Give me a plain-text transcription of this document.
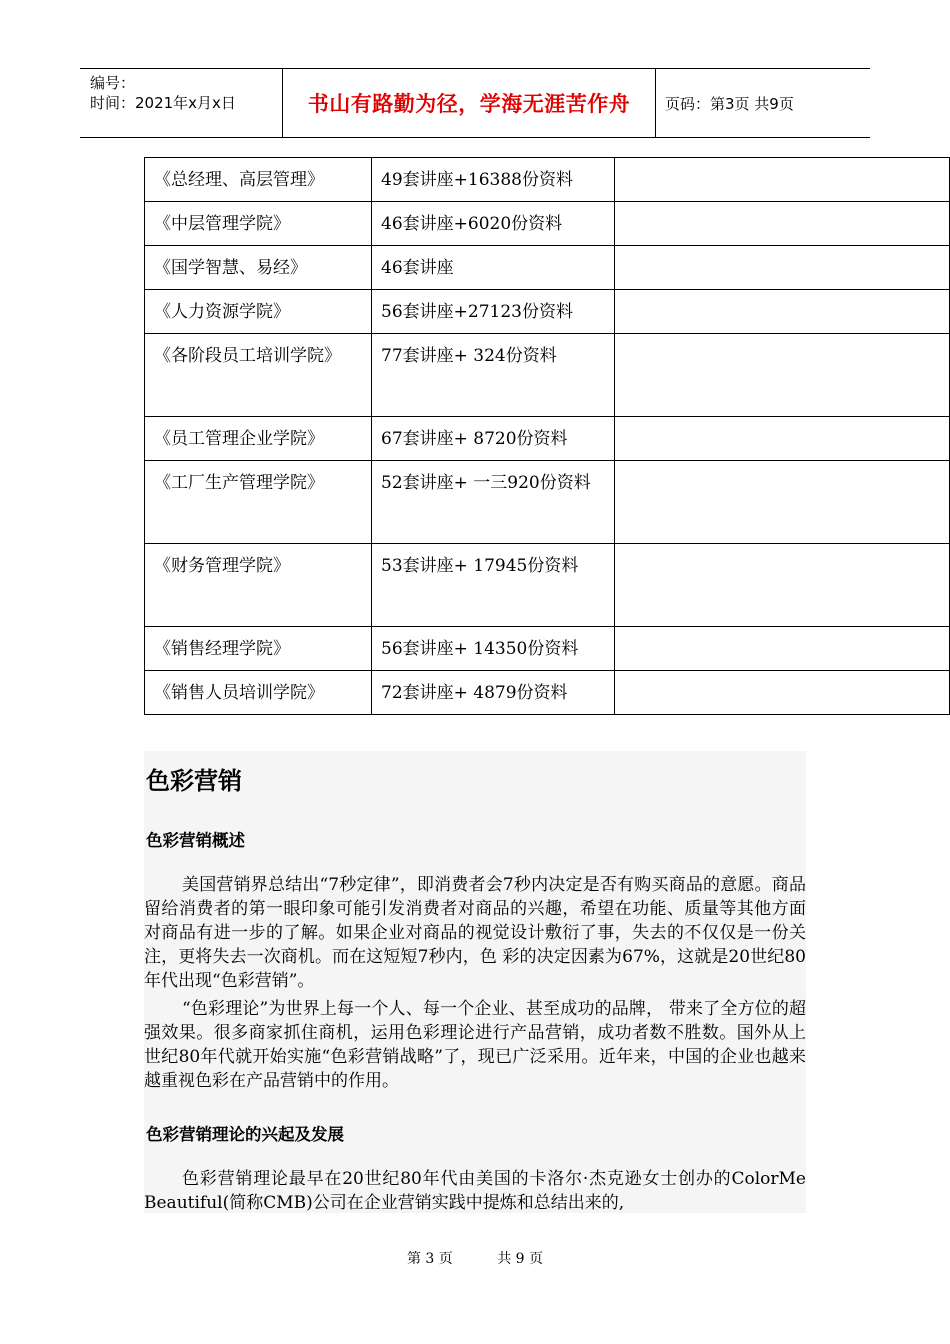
编号：
时间：2021年x月x日	书山有路勤为径，学海无涯苦作舟 页码：第3页 共9页
《总经理、高层管理》	49套讲座+16388份资料	
《中层管理学院》	46套讲座+6020份资料	
《国学智慧、易经》	46套讲座	
《人力资源学院》	56套讲座+27123份资料	
《各阶段员工培训学院》	77套讲座+ 324份资料	
《员工管理企业学院》	67套讲座+ 8720份资料	
《工厂生产管理学院》	52套讲座+ 一三920份资料	
《财务管理学院》	53套讲座+ 17945份资料	
《销售经理学院》	56套讲座+ 14350份资料	
《销售人员培训学院》	72套讲座+ 4879份资料	
色彩营销
色彩营销概述

美国营销界总结出“7秒定律”，即消费者会7秒内决定是否有购买商品的意愿。商品留给消费者的第一眼印象可能引发消费者对商品的兴趣，希望在功能、质量等其他方面对商品有进一步的了解。如果企业对商品的视觉设计敷衍了事，失去的不仅仅是一份关注，更将失去一次商机。而在这短短7秒内，色 彩的决定因素为67%，这就是20世纪80年代出现“色彩营销”。

“色彩理论”为世界上每一个人、每一个企业、甚至成功的品牌， 带来了全方位的超强效果。很多商家抓住商机，运用色彩理论进行产品营销，成功者数不胜数。国外从上世纪80年代就开始实施“色彩营销战略”了，现已广泛采用。近年来，中国的企业也越来越重视色彩在产品营销中的作用。

色彩营销理论的兴起及发展

色彩营销理论最早在20世纪80年代由美国的卡洛尔·杰克逊女士创办的ColorMe Beautiful(简称CMB)公司在企业营销实践中提炼和总结出来的,

第 3 页	共 9 页
